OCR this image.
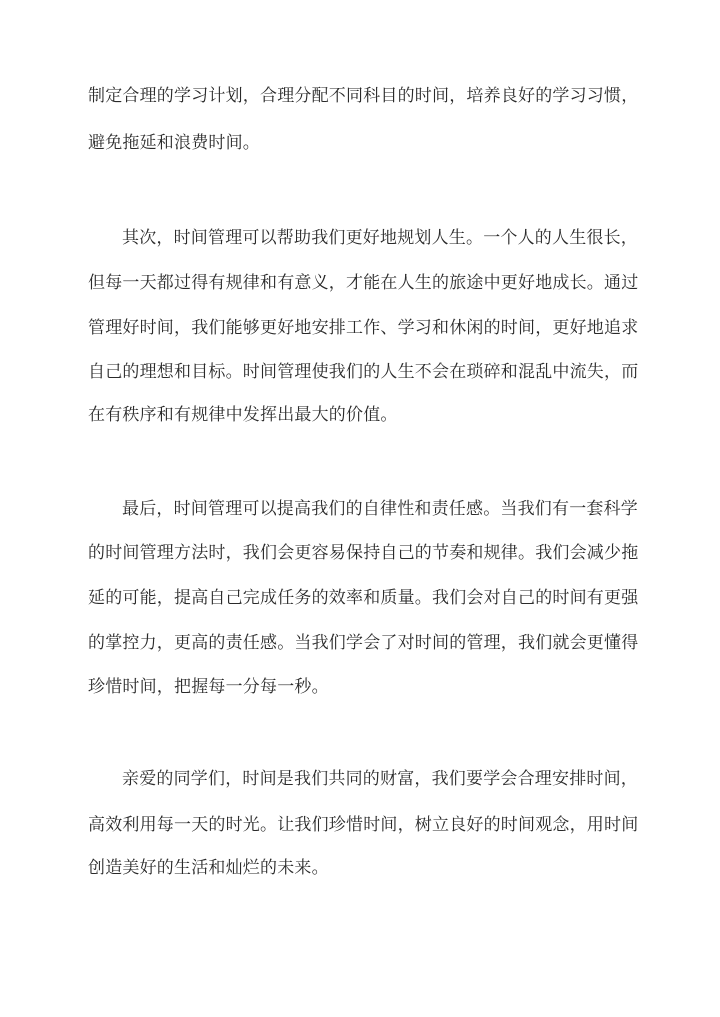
制定合理的学习计划，合理分配不同科目的时间，培养良好的学习习惯，
避免拖延和浪费时间。
其次，时间管理可以帮助我们更好地规划人生。一个人的人生很长，
但每一天都过得有规律和有意义，才能在人生的旅途中更好地成长。通过
管理好时间，我们能够更好地安排工作、学习和休闲的时间，更好地追求
自己的理想和目标。时间管理使我们的人生不会在琐碎和混乱中流失，而
在有秩序和有规律中发挥出最大的价值。
最后，时间管理可以提高我们的自律性和责任感。当我们有一套科学
的时间管理方法时，我们会更容易保持自己的节奏和规律。我们会减少拖
延的可能，提高自己完成任务的效率和质量。我们会对自己的时间有更强
的掌控力，更高的责任感。当我们学会了对时间的管理，我们就会更懂得
珍惜时间，把握每一分每一秒。
亲爱的同学们，时间是我们共同的财富，我们要学会合理安排时间，
高效利用每一天的时光。让我们珍惜时间，树立良好的时间观念，用时间
创造美好的生活和灿烂的未来。
